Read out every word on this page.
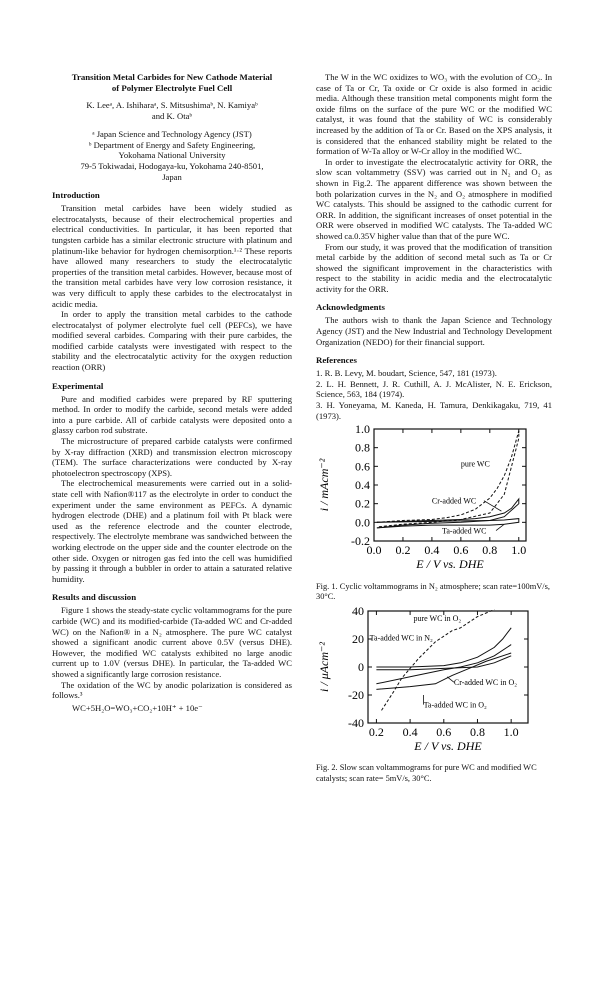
Transition Metal Carbides for New Cathode Material
of Polymer Electrolyte Fuel Cell
K. Leeᵃ, A. Ishiharaᵃ, S. Mitsushimaᵇ, N. Kamiyaᵇ
and K. Otaᵇ
ᵃ Japan Science and Technology Agency (JST)
ᵇ Department of Energy and Safety Engineering,
Yokohama National University
79-5 Tokiwadai, Hodogaya-ku, Yokohama 240-8501,
Japan
Introduction

Transition metal carbides have been widely studied as electrocatalysts, because of their electrochemical properties and electrical conductivities. In particular, it has been reported that tungsten carbide has a similar electronic structure with platinum and platinum-like behavior for hydrogen chemisorption.¹·² These reports have allowed many researchers to study the electrocatalytic properties of the transition metal carbides. However, because most of the transition metal carbides have very low corrosion resistance, it was very difficult to apply these carbides to the electrocatalyst in acidic media.

In order to apply the transition metal carbides to the cathode electrocatalyst of polymer electrolyte fuel cell (PEFCs), we have modified several carbides. Comparing with their pure carbides, the modified carbide catalysts were investigated with respect to the stability and the electrocatalytic activity for the oxygen reduction reaction (ORR)

Experimental

Pure and modified carbides were prepared by RF sputtering method. In order to modify the carbide, second metals were added into a pure carbide. All of carbide catalysts were deposited onto a glassy carbon rod substrate.

The microstructure of prepared carbide catalysts were confirmed by X-ray diffraction (XRD) and transmission electron microscopy (TEM). The surface characterizations were conducted by X-ray photoelectron spectroscopy (XPS).

The electrochemical measurements were carried out in a solid-state cell with Nafion®117 as the electrolyte in order to conduct the experiment under the same environment as PEFCs. A dynamic hydrogen electrode (DHE) and a platinum foil with Pt black were used as the reference electrode and the counter electrode, respectively. The electrolyte membrane was sandwiched between the working electrode on the upper side and the counter electrode on the other side. Oxygen or nitrogen gas fed into the cell was humidified by passing it through a bubbler in order to attain a saturated relative humidity.

Results and discussion

Figure 1 shows the steady-state cyclic voltammograms for the pure carbide (WC) and its modified-carbide (Ta-added WC and Cr-added WC) on the Nafion® in a N₂ atmosphere. The pure WC catalyst showed a significant anodic current above 0.5V (versus DHE). However, the modified WC catalysts exhibited no large anodic current up to 1.0V (versus DHE). In particular, the Ta-added WC showed a significantly large corrosion resistance.

The oxidation of the WC by anodic polarization is considered as follows.³

WC+5H₂O=WO₃+CO₂+10H⁺ + 10e⁻

The W in the WC oxidizes to WO₃ with the evolution of CO₂. In case of Ta or Cr, Ta oxide or Cr oxide is also formed in acidic media. Although these transition metal components might form the oxide films on the surface of the pure WC or the modified WC catalyst, it was found that the stability of WC is considerably increased by the addition of Ta or Cr. Based on the XPS analysis, it is considered that the enhanced stability might be related to the formation of W-Ta alloy or W-Cr alloy in the modified WC.

In order to investigate the electrocatalytic activity for ORR, the slow scan voltammetry (SSV) was carried out in N₂ and O₂ as shown in Fig.2. The apparent difference was shown between the both polarization curves in the N₂ and O₂ atmosphere in modified WC catalysts. This should be assigned to the cathodic current for ORR. In addition, the significant increases of onset potential in the ORR were observed in modified WC catalysts. The Ta-added WC showed ca.0.35V higher value than that of the pure WC.

From our study, it was proved that the modification of transition metal carbide by the addition of second metal such as Ta or Cr showed the significant improvement in the characteristics with respect to the stability in acidic media and the electrocatalytic activity for the ORR.

Acknowledgments

The authors wish to thank the Japan Science and Technology Agency (JST) and the New Industrial and Technology Development Organization (NEDO) for their financial support.

References
1. R. B. Levy, M. boudart, Science, 547, 181 (1973).
2. L. H. Bennett, J. R. Cuthill, A. J. McAlister, N. E. Erickson, Science, 563, 184 (1974).
3. H. Yoneyama, M. Kaneda, H. Tamura, Denkikagaku, 719, 41 (1973).
-0.2
0.0
0.2
0.4
0.6
0.8
1.0
0.0 0.2 0.4 0.6 0.8 1.0
E / V vs. DHE
i / mAcm⁻²	pure WC
Cr-added WC
Ta-added WC
Fig. 1. Cyclic voltammograms in N₂ atmosphere; scan rate=100mV/s, 30°C.
-40
-20
0
20
40
0.2 0.4 0.6 0.8 1.0
E / V vs. DHE
i / μAcm⁻²
pure WC in O₂
Ta-added WC in N₂
Cr-added WC in O₂
Ta-added WC in O₂
Fig. 2. Slow scan voltammograms for pure WC and modified WC catalysts; scan rate= 5mV/s, 30°C.
